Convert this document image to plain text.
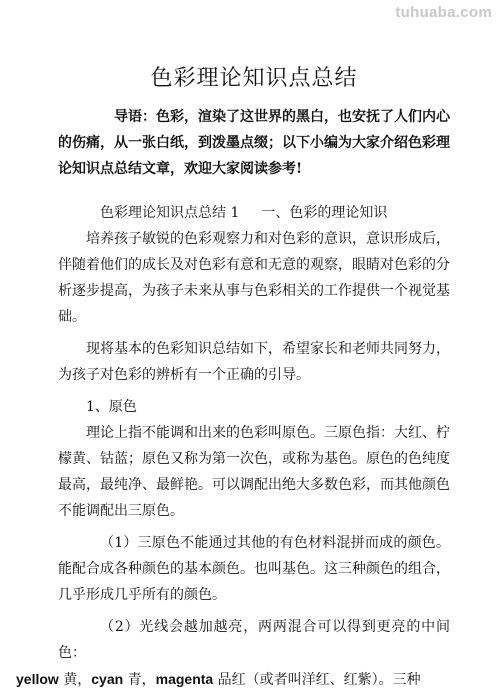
tuhuaba.com
色彩理论知识点总结

导语：色彩，渲染了这世界的黑白，也安抚了人们内心的伤痛，从一张白纸，到泼墨点缀；以下小编为大家介绍色彩理论知识点总结文章，欢迎大家阅读参考!

色彩理论知识点总结 1 一、色彩的理论知识

培养孩子敏锐的色彩观察力和对色彩的意识，意识形成后，伴随着他们的成长及对色彩有意和无意的观察，眼睛对色彩的分析逐步提高，为孩子未来从事与色彩相关的工作提供一个视觉基础。

现将基本的色彩知识总结如下，希望家长和老师共同努力，为孩子对色彩的辨析有一个正确的引导。

1、原色

理论上指不能调和出来的色彩叫原色。三原色指：大红、柠檬黄、钴蓝；原色又称为第一次色，或称为基色。原色的色纯度最高，最纯净、最鲜艳。可以调配出绝大多数色彩，而其他颜色不能调配出三原色。

（1）三原色不能通过其他的有色材料混拼而成的颜色。能配合成各种颜色的基本颜色。也叫基色。这三种颜色的组合，几乎形成几乎所有的颜色。

（2）光线会越加越亮，两两混合可以得到更亮的中间色：
yellow 黄，cyan 青，magenta 品红（或者叫洋红、红紫）。三种
